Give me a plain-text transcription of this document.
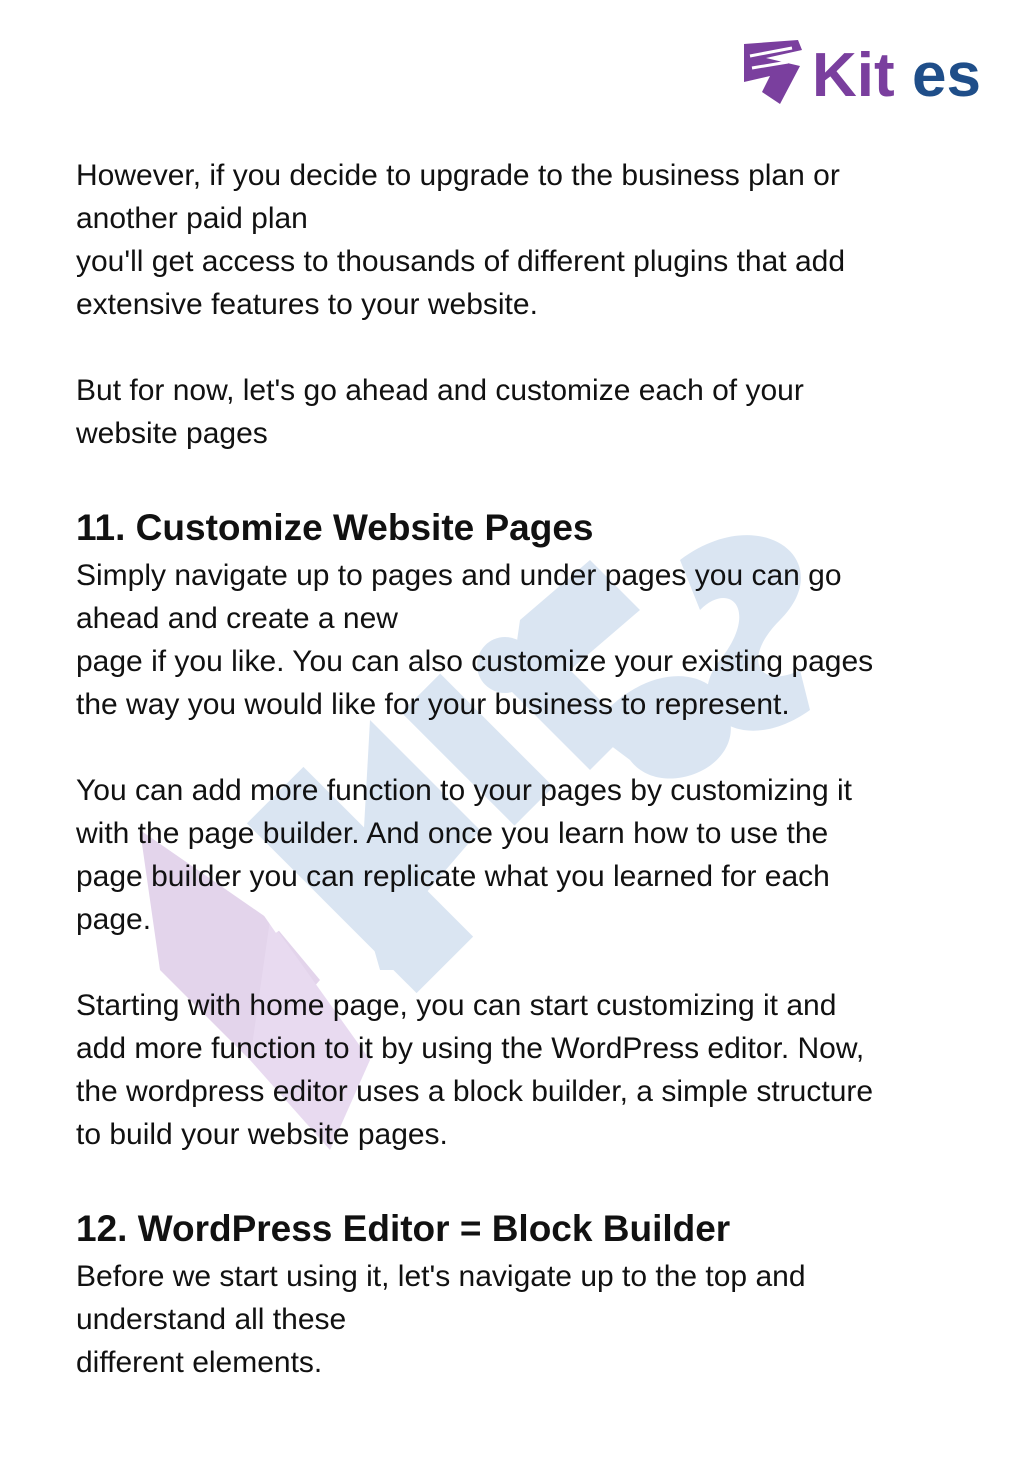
Kit es

However, if you decide to upgrade to the business plan or
another paid plan
you'll get access to thousands of different plugins that add
extensive features to your website.

But for now, let's go ahead and customize each of your
website pages

11. Customize Website Pages

Simply navigate up to pages and under pages you can go
ahead and create a new
page if you like. You can also customize your existing pages
the way you would like for your business to represent.

You can add more function to your pages by customizing it
with the page builder. And once you learn how to use the
page builder you can replicate what you learned for each
page.

Starting with home page, you can start customizing it and
add more function to it by using the WordPress editor. Now,
the wordpress editor uses a block builder, a simple structure
to build your website pages.

12. WordPress Editor = Block Builder

Before we start using it, let's navigate up to the top and
understand all these
different elements.
